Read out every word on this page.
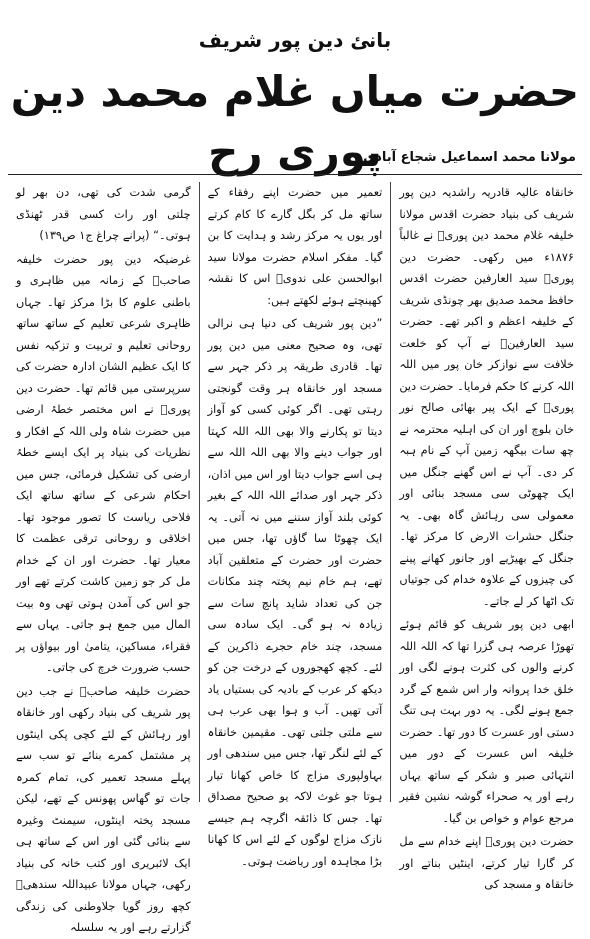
بانئ دین پور شریف
حضرت میاں غلام محمد دین پوری رح
مولانا محمد اسماعیل شجاع آبادی

خانقاہ عالیہ قادریہ راشدیہ دین پور شریف کی بنیاد حضرت اقدس مولانا خلیفہ غلام محمد دین پوریؒ نے غالباً ۱۸۷۶ء میں رکھی۔ حضرت دین پوریؒ سید العارفین حضرت اقدس حافظ محمد صدیق بھر چونڈی شریف کے خلیفہ اعظم و اکبر تھے۔ حضرت سید العارفینؒ نے آپ کو خلعت خلافت سے نوازکر خان پور میں اللہ اللہ کرنے کا حکم فرمایا۔ حضرت دین پوریؒ کے ایک پیر بھائی صالح نور خان بلوچ اور ان کی اہلیہ محترمہ نے چھ سات بیگھہ زمین آپ کے نام ہبہ کر دی۔ آپ نے اس گھنے جنگل میں ایک چھوٹی سی مسجد بنائی اور معمولی سی رہائش گاہ بھی۔ یہ جنگل حشرات الارض کا مرکز تھا۔ جنگل کے بھیڑیے اور جانور کھانے پینے کی چیزوں کے علاوہ خدام کی جوتیاں تک اٹھا کر لے جاتے۔

ابھی دین پور شریف کو قائم ہوئے تھوڑا عرصہ ہی گزرا تھا کہ اللہ اللہ کرنے والوں کی کثرت ہونے لگی اور خلق خدا پروانہ وار اس شمع کے گرد جمع ہونے لگی۔ یہ دور بہت ہی تنگ دستی اور عسرت کا دور تھا۔ حضرت خلیفہ اس عسرت کے دور میں انتہائی صبر و شکر کے ساتھ یہاں رہے اور یہ صحراء گوشہ نشین فقیر مرجع عوام و خواص بن گیا۔

حضرت دین پوریؒ اپنے خدام سے مل کر گارا تیار کرتے، اینٹیں بناتے اور خانقاہ و مسجد کی

تعمیر میں حضرت اپنے رفقاء کے ساتھ مل کر بگل گارے کا کام کرتے اور یوں یہ مرکز رشد و ہدایت کا بن گیا۔ مفکر اسلام حضرت مولانا سید ابوالحسن علی ندویؒ اس کا نقشہ کھینچتے ہوئے لکھتے ہیں:

”دین پور شریف کی دنیا ہی نرالی تھی، وہ صحیح معنی میں دین پور تھا۔ قادری طریقہ پر ذکر جہر سے مسجد اور خانقاہ ہر وقت گونجتی رہتی تھی۔ اگر کوئی کسی کو آواز دیتا تو پکارنے والا بھی اللہ اللہ کہتا اور جواب دینے والا بھی اللہ اللہ سے ہی اسے جواب دیتا اور اس میں اذان، ذکر جہر اور صدائے اللہ اللہ کے بغیر کوئی بلند آواز سننے میں نہ آتی۔ یہ ایک چھوٹا سا گاؤں تھا، جس میں حضرت اور حضرت کے متعلقین آباد تھے، ہم خام نیم پختہ چند مکانات جن کی تعداد شاید پانچ سات سے زیادہ نہ ہو گی۔ ایک سادہ سی مسجد، چند خام حجرے ذاکرین کے لئے۔ کچھ کھجوروں کے درخت جن کو دیکھ کر عرب کے بادیہ کی بستیاں یاد آتی تھیں۔ آب و ہوا بھی عرب ہی سے ملتی جلتی تھی۔ مقیمین خانقاہ کے لئے لنگر تھا، جس میں سندھی اور بہاولپوری مزاج کا خاص کھانا تیار ہوتا جو غوث لاکہ یو صحیح مصداق تھا۔ جس کا ذائقہ اگرچہ ہم جیسے نازک مزاج لوگوں کے لئے اس کا کھانا بڑا مجاہدہ اور ریاضت ہوتی۔

گرمی شدت کی تھی، دن بھر لو چلتی اور رات کسی قدر ٹھنڈی ہوتی۔“ (پرانے چراغ ج۱ ص۱۳۹)

غرضیکہ دین پور حضرت خلیفہ صاحبؒ کے زمانہ میں ظاہری و باطنی علوم کا بڑا مرکز تھا۔ جہاں ظاہری شرعی تعلیم کے ساتھ ساتھ روحانی تعلیم و تربیت و تزکیہ نفس کا ایک عظیم الشان ادارہ حضرت کی سرپرستی میں قائم تھا۔ حضرت دین پوریؒ نے اس مختصر خطۂ ارضی میں حضرت شاہ ولی اللہ کے افکار و نظریات کی بنیاد پر ایک ایسے خطۂ ارضی کی تشکیل فرمائی، جس میں احکام شرعی کے ساتھ ساتھ ایک فلاحی ریاست کا تصور موجود تھا۔ اخلاقی و روحانی ترقی عظمت کا معیار تھا۔ حضرت اور ان کے خدام مل کر جو زمین کاشت کرتے تھے اور جو اس کی آمدن ہوتی تھی وہ بیت المال میں جمع ہو جاتی۔ یہاں سے فقراء، مساکین، یتامیٰ اور بیواؤں پر حسب ضرورت خرچ کی جاتی۔

حضرت خلیفہ صاحبؒ نے جب دین پور شریف کی بنیاد رکھی اور خانقاہ اور رہائش کے لئے کچی پکی اینٹوں پر مشتمل کمرے بنائے تو سب سے پہلے مسجد تعمیر کی، تمام کمرہ جات تو گھاس پھونس کے تھے، لیکن مسجد پختہ اینٹوں، سیمنٹ وغیرہ سے بنائی گئی اور اس کے ساتھ ہی ایک لائبریری اور کتب خانہ کی بنیاد رکھی، جہاں مولانا عبیداللہ سندھیؒ کچھ روز گویا جلاوطنی کی زندگی گزارتے رہے اور یہ سلسلہ
